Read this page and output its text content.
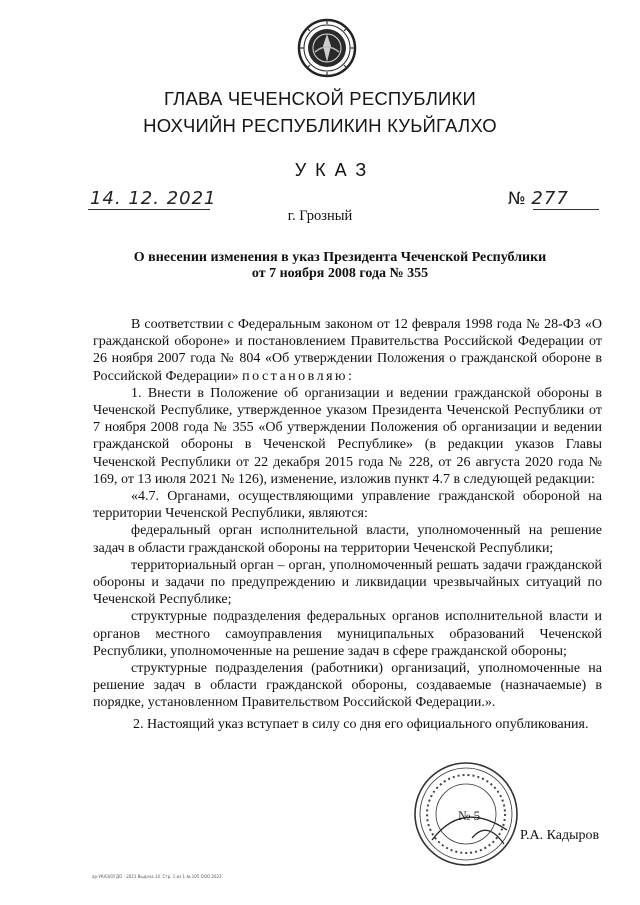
ГЛАВА ЧЕЧЕНСКОЙ РЕСПУБЛИКИ
НОХЧИЙН РЕСПУБЛИКИН КУЬЙГАЛХО
УКАЗ
14. 12. 2021	№ 277
г. Грозный
О внесении изменения в указ Президента Чеченской Республики
от 7 ноября 2008 года № 355

В соответствии с Федеральным законом от 12 февраля 1998 года № 28-ФЗ «О гражданской обороне» и постановлением Правительства Российской Федерации от 26 ноября 2007 года № 804 «Об утверждении Положения о гражданской обороне в Российской Федерации» постановляю:

1. Внести в Положение об организации и ведении гражданской обороны в Чеченской Республике, утвержденное указом Президента Чеченской Республики от 7 ноября 2008 года № 355 «Об утверждении Положения об организации и ведении гражданской обороны в Чеченской Республике» (в редакции указов Главы Чеченской Республики от 22 декабря 2015 года № 228, от 26 августа 2020 года № 169, от 13 июля 2021 № 126), изменение, изложив пункт 4.7 в следующей редакции:

«4.7. Органами, осуществляющими управление гражданской обороной на территории Чеченской Республики, являются:

федеральный орган исполнительной власти, уполномоченный на решение задач в области гражданской обороны на территории Чеченской Республики;

территориальный орган – орган, уполномоченный решать задачи гражданской обороны и задачи по предупреждению и ликвидации чрезвычайных ситуаций по Чеченской Республике;

структурные подразделения федеральных органов исполнительной власти и органов местного самоуправления муниципальных образований Чеченской Республики, уполномоченные на решение задач в сфере гражданской обороны;

структурные подразделения (работники) организаций, уполномоченные на решение задач в области гражданской обороны, создаваемые (назначаемые) в порядке, установленном Правительством Российской Федерации.».

2. Настоящий указ вступает в силу со дня его официального опубликования.

№ 5
Р.А. Кадыров
ар-УКАЗ/ОГДО - 2021 Выдача 14. Стр. 1 из 1 № 105 ООО 2023
